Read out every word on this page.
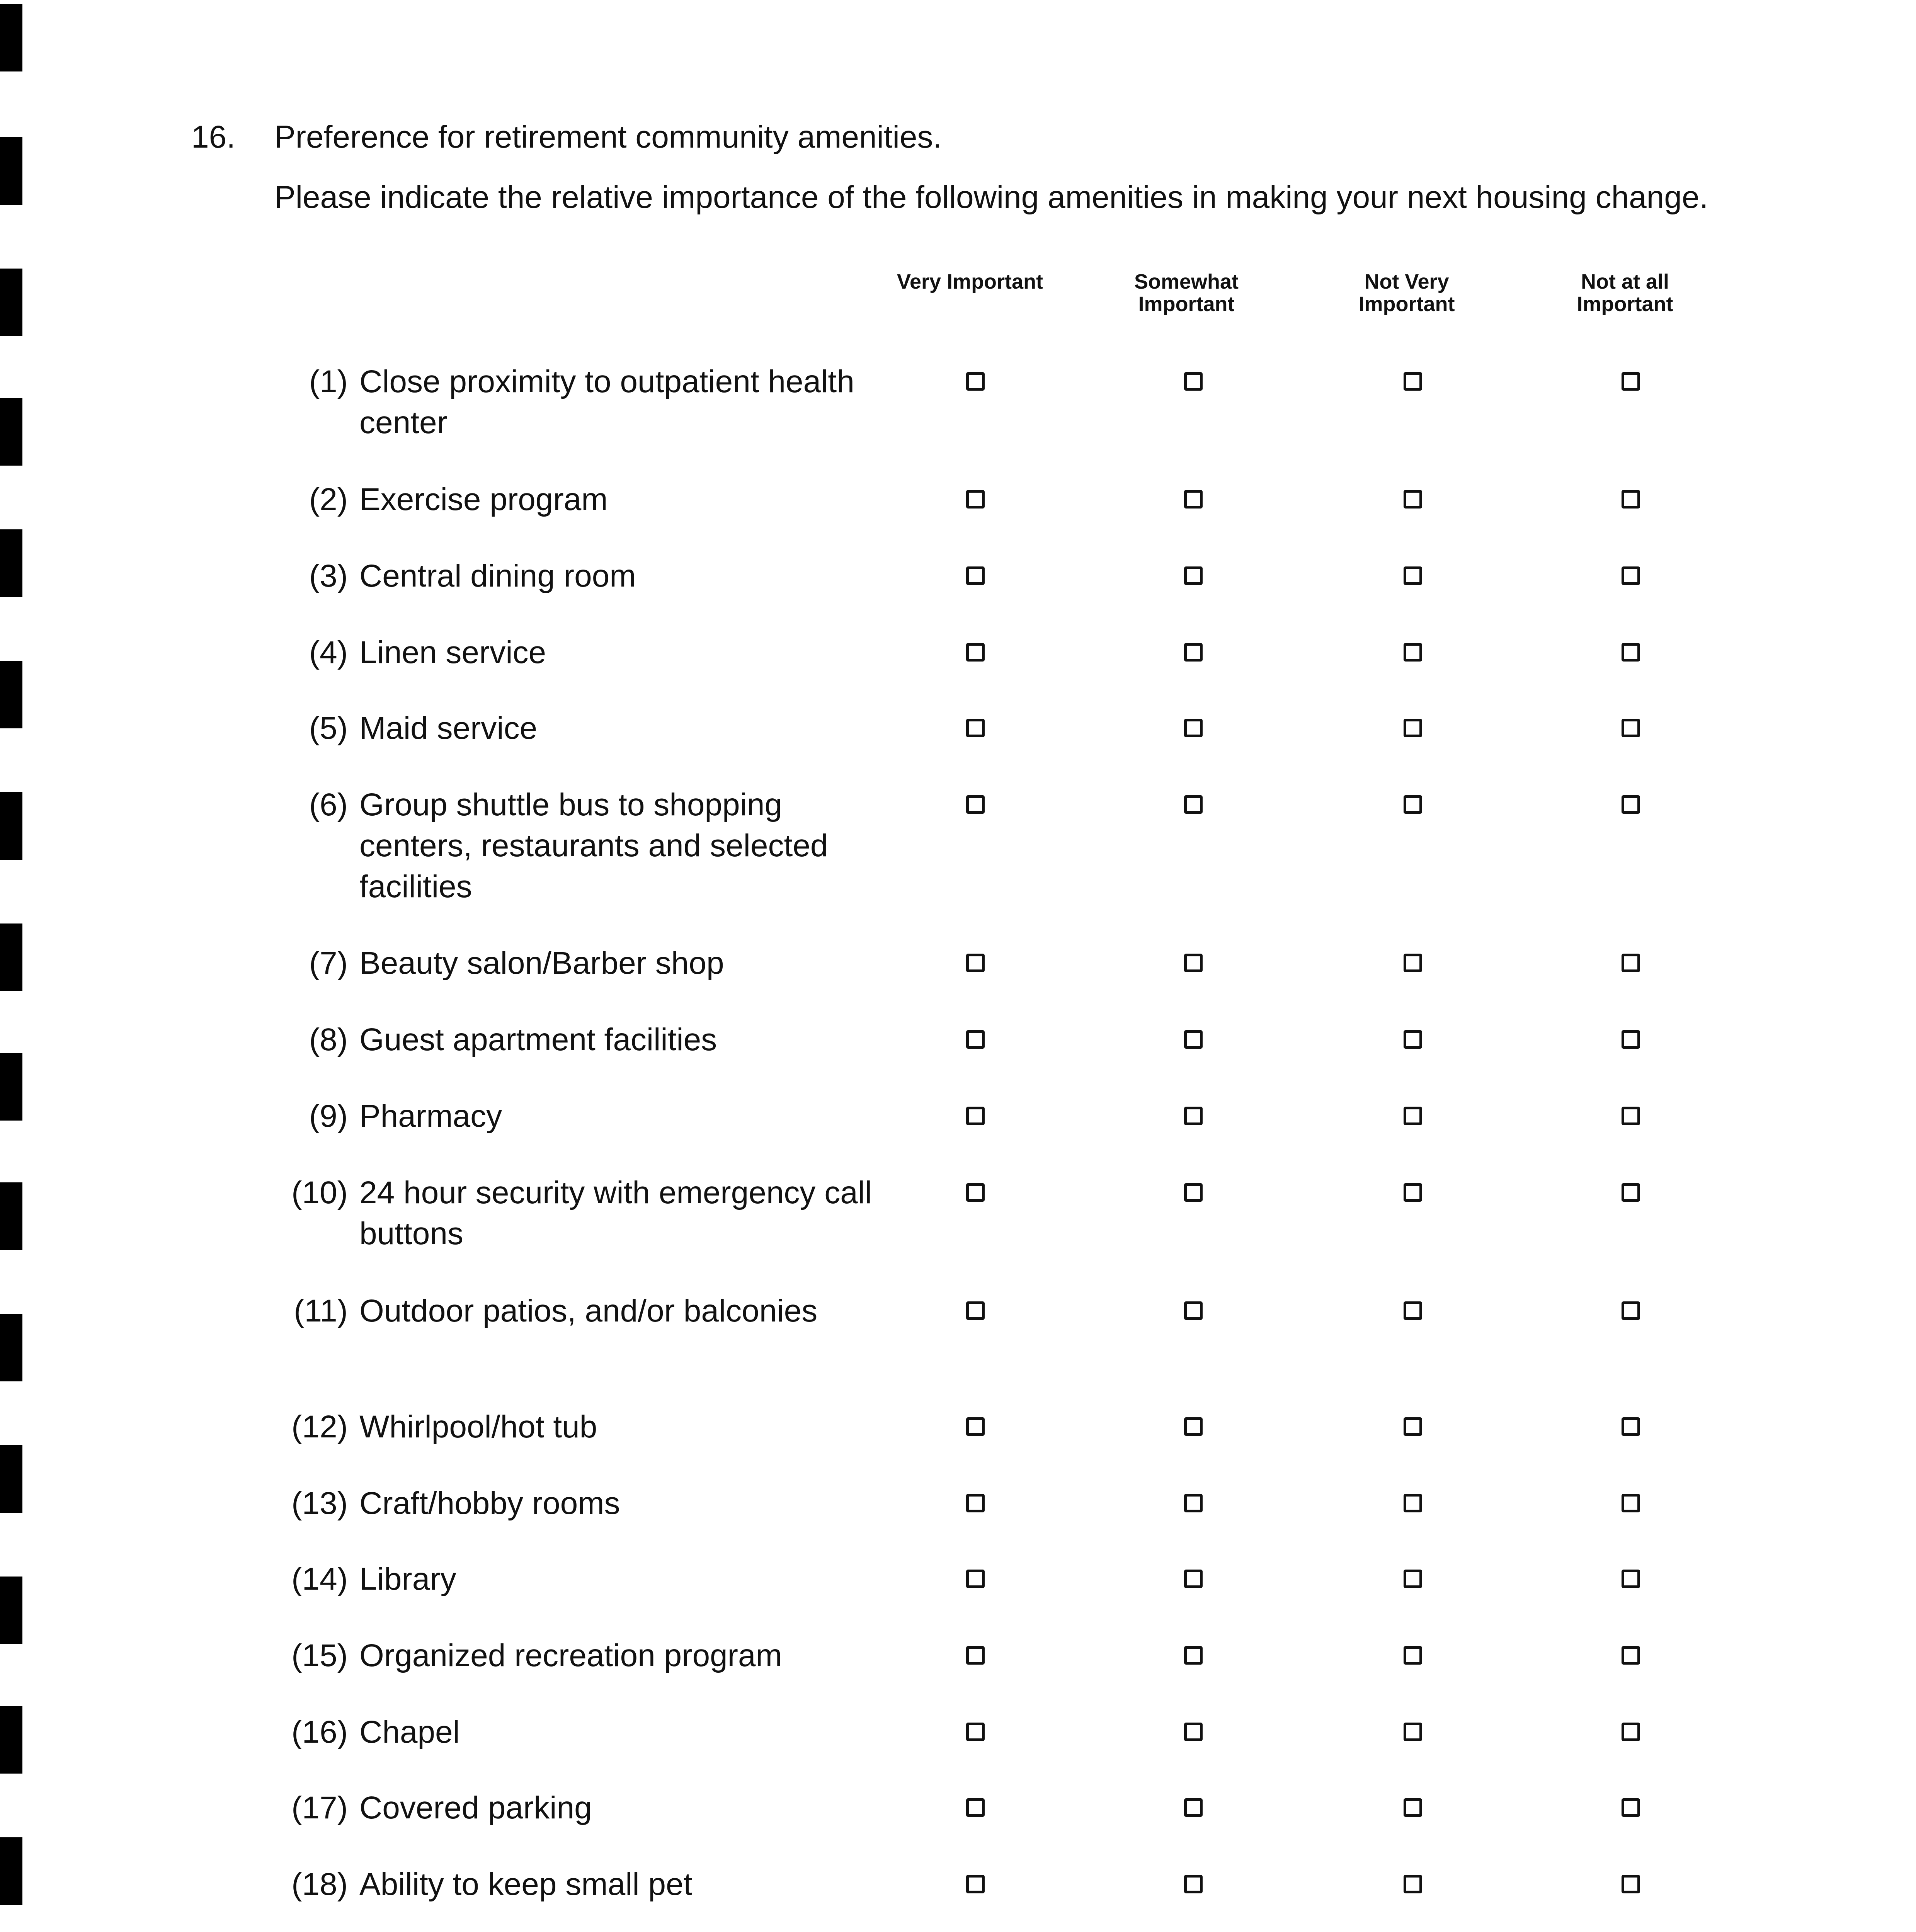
16. Preference for retirement community amenities.
Please indicate the relative importance of the following amenities in making your next housing change.
Very Important	Somewhat Important
Not Very Important
Not at all Important
(1) Close proximity to outpatient health center
(2) Exercise program
(3) Central dining room
(4) Linen service
(5) Maid service
(6) Group shuttle bus to shopping centers, restaurants and selected facilities
(7) Beauty salon/Barber shop
(8) Guest apartment facilities
(9) Pharmacy
(10) 24 hour security with emergency call buttons
(11) Outdoor patios, and/or balconies
(12) Whirlpool/hot tub
(13) Craft/hobby rooms
(14) Library
(15) Organized recreation program
(16) Chapel
(17) Covered parking
(18) Ability to keep small pet
